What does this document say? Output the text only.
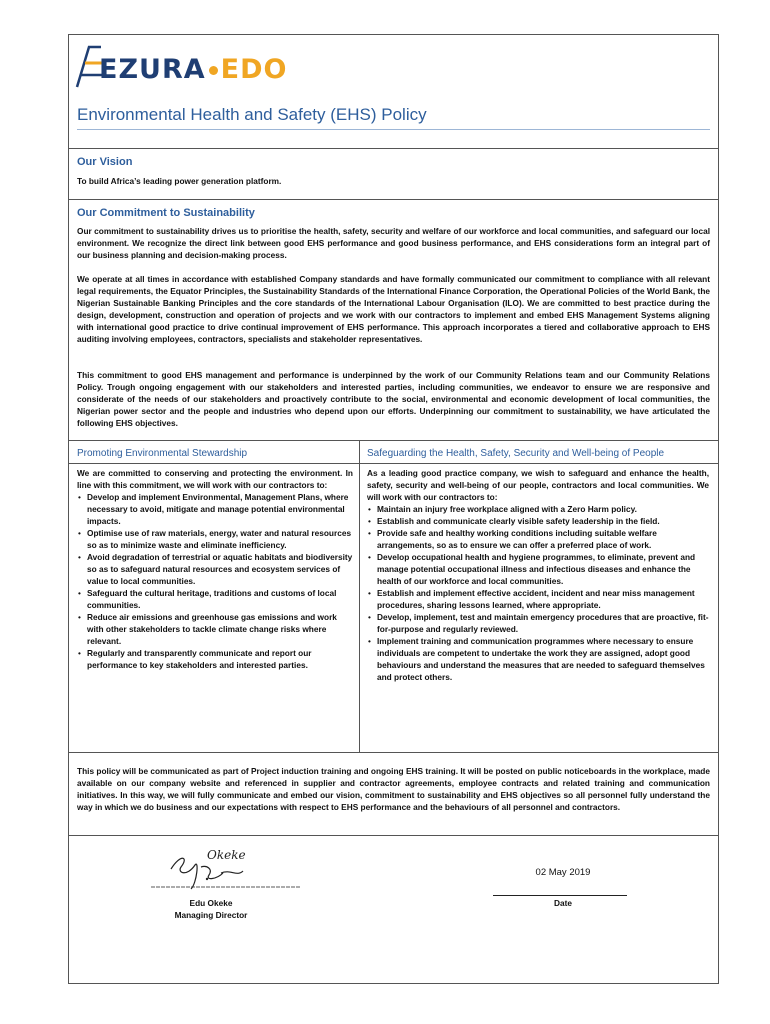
EZURA EDO
Environmental Health and Safety (EHS) Policy
Our Vision
To build Africa’s leading power generation platform.
Our Commitment to Sustainability
Our commitment to sustainability drives us to prioritise the health, safety, security and welfare of our workforce and local communities, and safeguard our local environment. We recognize the direct link between good EHS performance and good business performance, and EHS considerations form an integral part of our business planning and decision-making process.
We operate at all times in accordance with established Company standards and have formally communicated our commitment to compliance with all relevant legal requirements, the Equator Principles, the Sustainability Standards of the International Finance Corporation, the Operational Policies of the World Bank, the Nigerian Sustainable Banking Principles and the core standards of the International Labour Organisation (ILO). We are committed to best practice during the design, development, construction and operation of projects and we work with our contractors to implement and embed EHS Management Systems aligning with international good practice to drive continual improvement of EHS performance. This approach incorporates a tiered and collaborative approach to EHS auditing involving employees, contractors, specialists and stakeholder representatives.
This commitment to good EHS management and performance is underpinned by the work of our Community Relations team and our Community Relations Policy. Trough ongoing engagement with our stakeholders and interested parties, including communities, we endeavor to ensure we are responsive and considerate of the needs of our stakeholders and proactively contribute to the social, environmental and economic development of local communities, the Nigerian power sector and the people and industries who depend upon our efforts. Underpinning our commitment to sustainability, we have articulated the following EHS objectives.
Promoting Environmental Stewardship

We are committed to conserving and protecting the environment. In line with this commitment, we will work with our contractors to:

• Develop and implement Environmental, Management Plans, where necessary to avoid, mitigate and manage potential environmental impacts.
• Optimise use of raw materials, energy, water and natural resources so as to minimize waste and eliminate inefficiency.
• Avoid degradation of terrestrial or aquatic habitats and biodiversity so as to safeguard natural resources and ecosystem services of value to local communities.
• Safeguard the cultural heritage, traditions and customs of local communities.
• Reduce air emissions and greenhouse gas emissions and work with other stakeholders to tackle climate change risks where relevant.
• Regularly and transparently communicate and report our performance to key stakeholders and interested parties.
Safeguarding the Health, Safety, Security and Well-being of People

As a leading good practice company, we wish to safeguard and enhance the health, safety, security and well-being of our people, contractors and local communities. We will work with our contractors to:

• Maintain an injury free workplace aligned with a Zero Harm policy.
• Establish and communicate clearly visible safety leadership in the field.
• Provide safe and healthy working conditions including suitable welfare arrangements, so as to ensure we can offer a preferred place of work.
• Develop occupational health and hygiene programmes, to eliminate, prevent and manage potential occupational illness and infectious diseases and enhance the health of our workforce and local communities.
• Establish and implement effective accident, incident and near miss management procedures, sharing lessons learned, where appropriate.
• Develop, implement, test and maintain emergency procedures that are proactive, fit-for-purpose and regularly reviewed.
• Implement training and communication programmes where necessary to ensure individuals are competent to undertake the work they are assigned, adopt good behaviours and understand the measures that are needed to safeguard themselves and protect others.
This policy will be communicated as part of Project induction training and ongoing EHS training. It will be posted on public noticeboards in the workplace, made available on our company website and referenced in supplier and contractor agreements, employee contracts and related training and communication initiatives. In this way, we will fully communicate and embed our vision, commitment to sustainability and EHS objectives so all personnel fully understand the way in which we do business and our expectations with respect to EHS performance and the behaviours of all personnel and contractors.
Okeke
Edu Okeke
Managing Director
02 May 2019
Date
